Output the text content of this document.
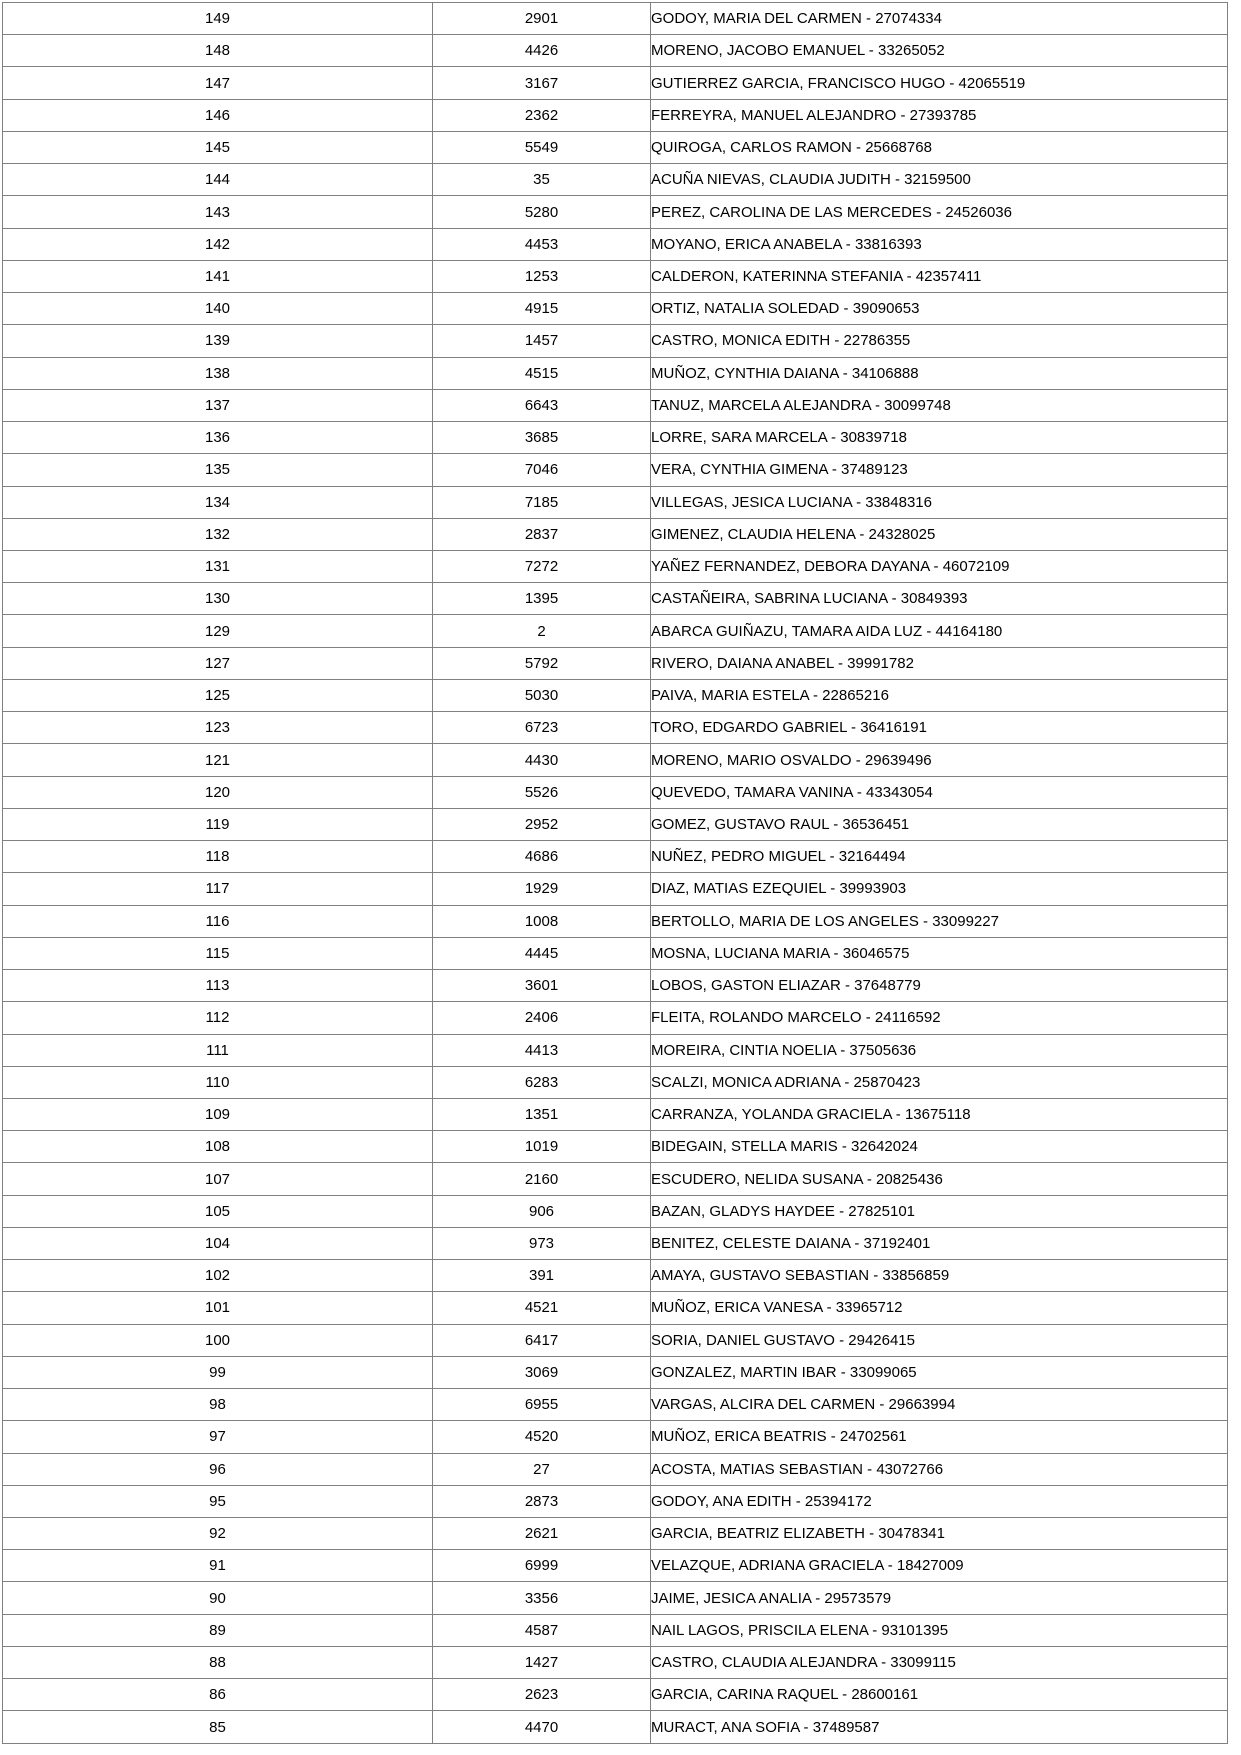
149	2901	GODOY, MARIA DEL CARMEN - 27074334
148	4426	MORENO, JACOBO EMANUEL - 33265052
147	3167	GUTIERREZ GARCIA, FRANCISCO HUGO - 42065519
146	2362	FERREYRA, MANUEL ALEJANDRO - 27393785
145	5549	QUIROGA, CARLOS RAMON - 25668768
144	35	ACUÑA NIEVAS, CLAUDIA JUDITH - 32159500
143	5280	PEREZ, CAROLINA DE LAS MERCEDES - 24526036
142	4453	MOYANO, ERICA ANABELA - 33816393
141	1253	CALDERON, KATERINNA STEFANIA - 42357411
140	4915	ORTIZ, NATALIA SOLEDAD - 39090653
139	1457	CASTRO, MONICA EDITH - 22786355
138	4515	MUÑOZ, CYNTHIA DAIANA - 34106888
137	6643	TANUZ, MARCELA ALEJANDRA - 30099748
136	3685	LORRE, SARA MARCELA - 30839718
135	7046	VERA, CYNTHIA GIMENA - 37489123
134	7185	VILLEGAS, JESICA LUCIANA - 33848316
132	2837	GIMENEZ, CLAUDIA HELENA - 24328025
131	7272	YAÑEZ FERNANDEZ, DEBORA DAYANA - 46072109
130	1395	CASTAÑEIRA, SABRINA LUCIANA - 30849393
129	2	ABARCA GUIÑAZU, TAMARA AIDA LUZ - 44164180
127	5792	RIVERO, DAIANA ANABEL - 39991782
125	5030	PAIVA, MARIA ESTELA - 22865216
123	6723	TORO, EDGARDO GABRIEL - 36416191
121	4430	MORENO, MARIO OSVALDO - 29639496
120	5526	QUEVEDO, TAMARA VANINA - 43343054
119	2952	GOMEZ, GUSTAVO RAUL - 36536451
118	4686	NUÑEZ, PEDRO MIGUEL - 32164494
117	1929	DIAZ, MATIAS EZEQUIEL - 39993903
116	1008	BERTOLLO, MARIA DE LOS ANGELES - 33099227
115	4445	MOSNA, LUCIANA MARIA - 36046575
113	3601	LOBOS, GASTON ELIAZAR - 37648779
112	2406	FLEITA, ROLANDO MARCELO - 24116592
111	4413	MOREIRA, CINTIA NOELIA - 37505636
110	6283	SCALZI, MONICA ADRIANA - 25870423
109	1351	CARRANZA, YOLANDA GRACIELA - 13675118
108	1019	BIDEGAIN, STELLA MARIS - 32642024
107	2160	ESCUDERO, NELIDA SUSANA - 20825436
105	906	BAZAN, GLADYS HAYDEE - 27825101
104	973	BENITEZ, CELESTE DAIANA - 37192401
102	391	AMAYA, GUSTAVO SEBASTIAN - 33856859
101	4521	MUÑOZ, ERICA VANESA - 33965712
100	6417	SORIA, DANIEL GUSTAVO - 29426415
99	3069	GONZALEZ, MARTIN IBAR - 33099065
98	6955	VARGAS, ALCIRA DEL CARMEN - 29663994
97	4520	MUÑOZ, ERICA BEATRIS - 24702561
96	27	ACOSTA, MATIAS SEBASTIAN - 43072766
95	2873	GODOY, ANA EDITH - 25394172
92	2621	GARCIA, BEATRIZ ELIZABETH - 30478341
91	6999	VELAZQUE, ADRIANA GRACIELA - 18427009
90	3356	JAIME, JESICA ANALIA - 29573579
89	4587	NAIL LAGOS, PRISCILA ELENA - 93101395
88	1427	CASTRO, CLAUDIA ALEJANDRA - 33099115
86	2623	GARCIA, CARINA RAQUEL - 28600161
85	4470	MURACT, ANA SOFIA - 37489587
